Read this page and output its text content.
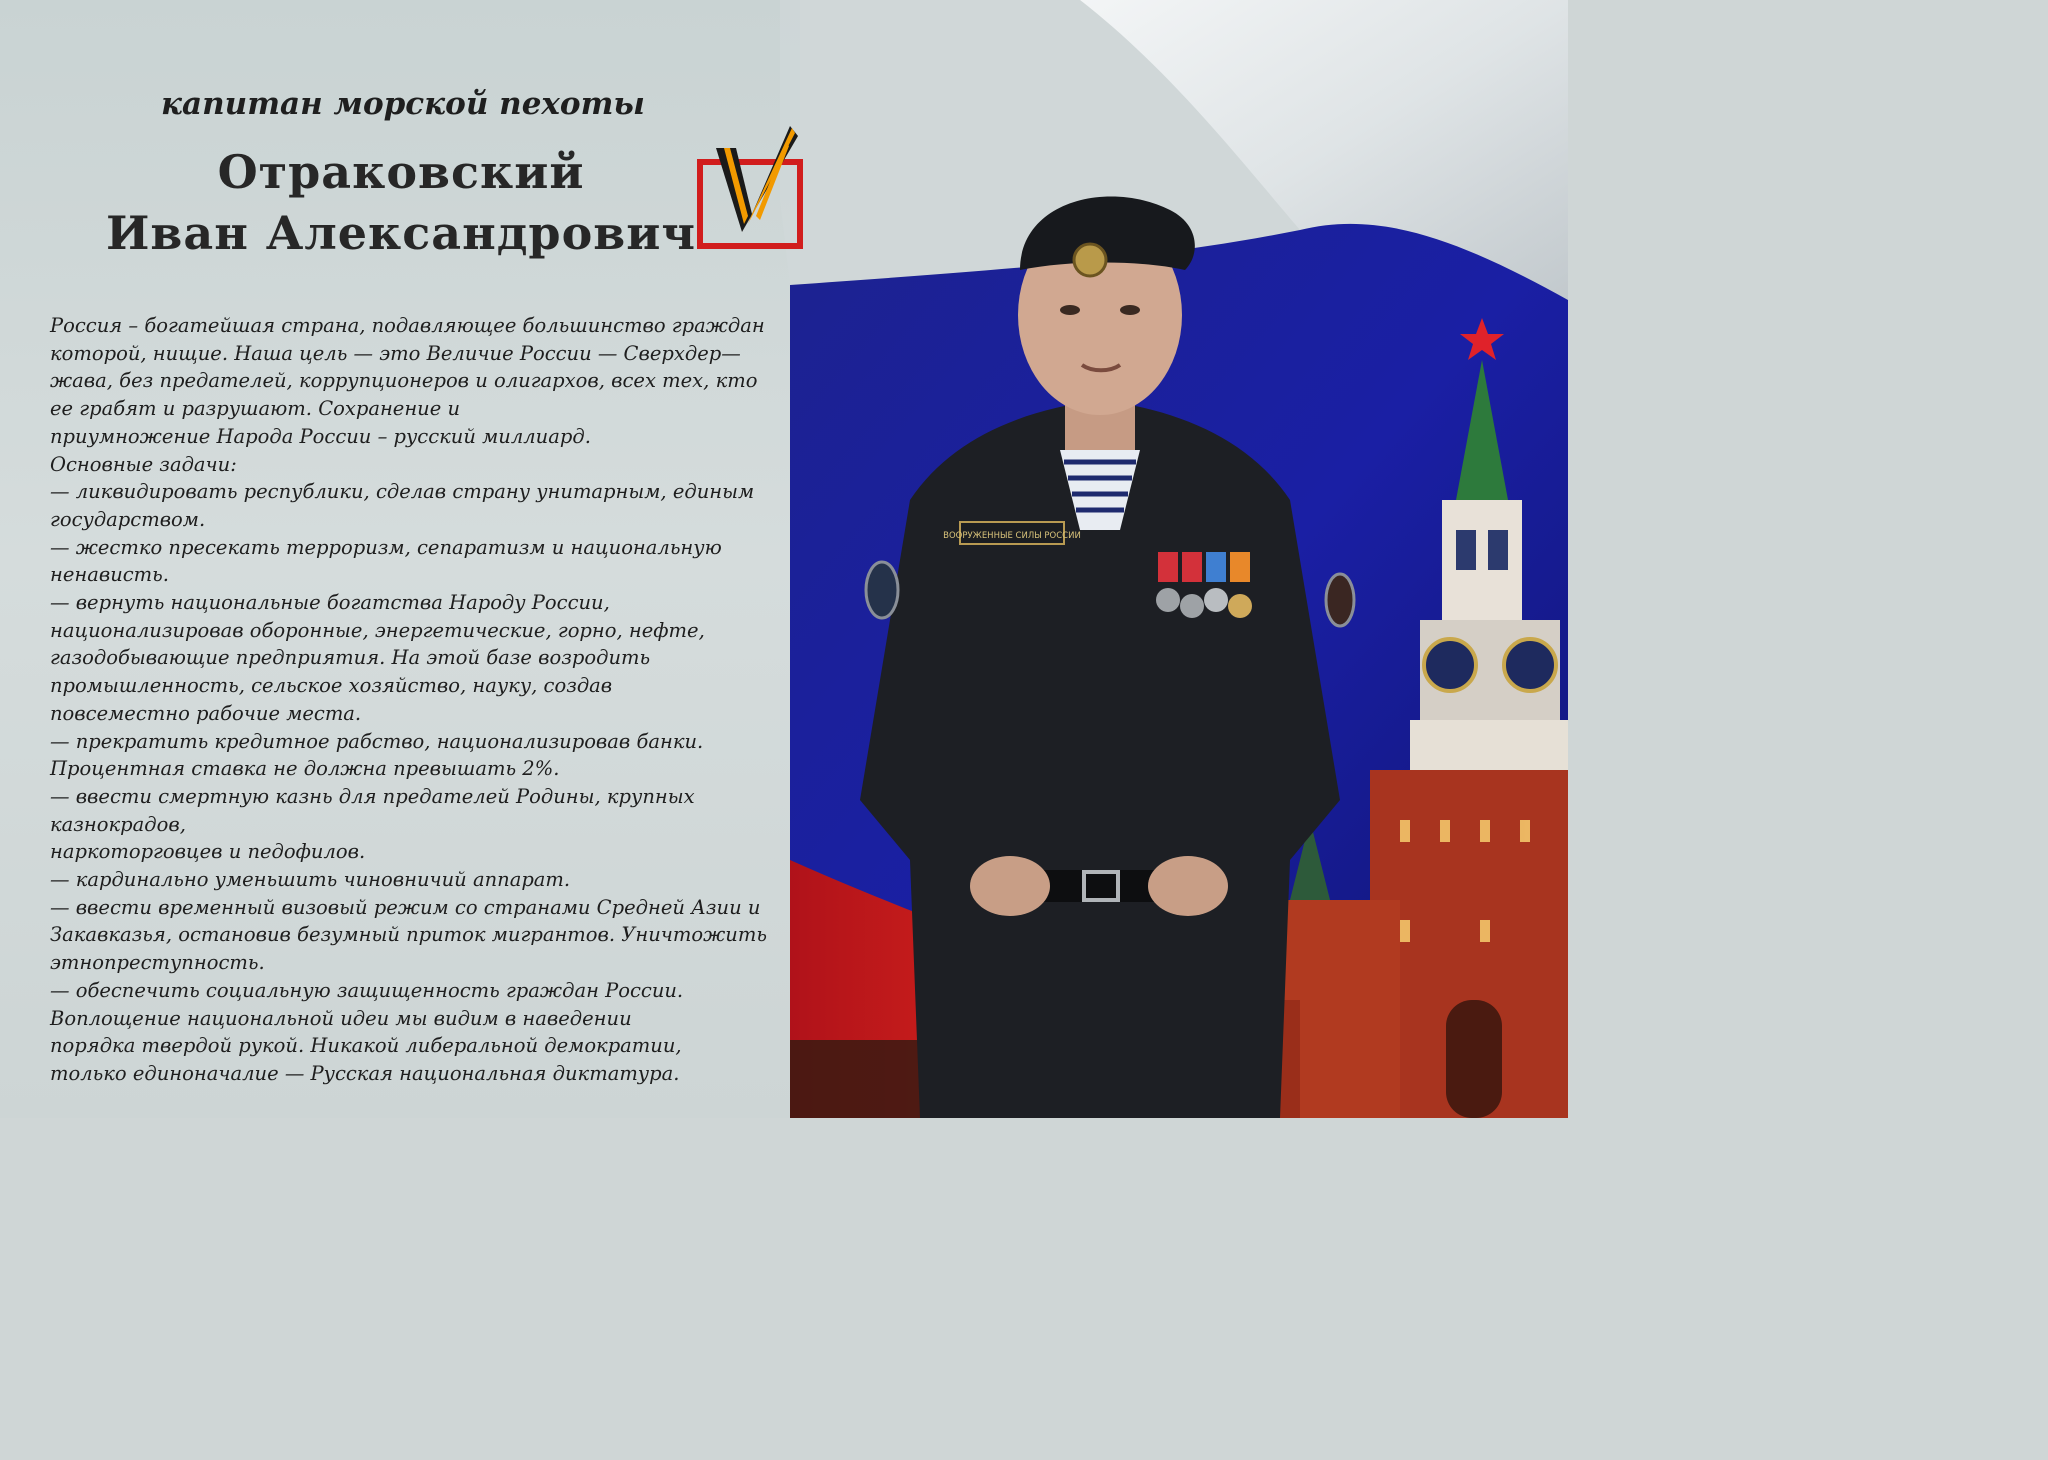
капитан морской пехоты
Отраковский
Иван Александрович
Россия – богатейшая страна, подавляющее большинство граждан
которой, нищие. Наша цель — это Величие России — Сверхдер—
жава, без предателей, коррупционеров и олигархов, всех тех, кто
ее грабят и разрушают. Сохранение и
приумножение Народа России – русский миллиард.
Основные задачи:
— ликвидировать республики, сделав страну унитарным, единым
государством.
— жестко пресекать терроризм, сепаратизм и национальную
ненависть.
— вернуть национальные богатства Народу России,
национализировав оборонные, энергетические, горно, нефте,
газодобывающие предприятия. На этой базе возродить
промышленность, сельское хозяйство, науку, создав
повсеместно рабочие места.
— прекратить кредитное рабство, национализировав банки.
Процентная ставка не должна превышать 2%.
— ввести смертную казнь для предателей Родины, крупных
казнокрадов,
наркоторговцев и педофилов.
— кардинально уменьшить чиновничий аппарат.
— ввести временный визовый режим со странами Средней Азии и
Закавказья, остановив безумный приток мигрантов. Уничтожить
этнопреступность.
— обеспечить социальную защищенность граждан России.
Воплощение национальной идеи мы видим в наведении
порядка твердой рукой. Никакой либеральной демократии,
только единоначалие — Русская национальная диктатура.
ВООРУЖЕННЫЕ СИЛЫ РОССИИ
